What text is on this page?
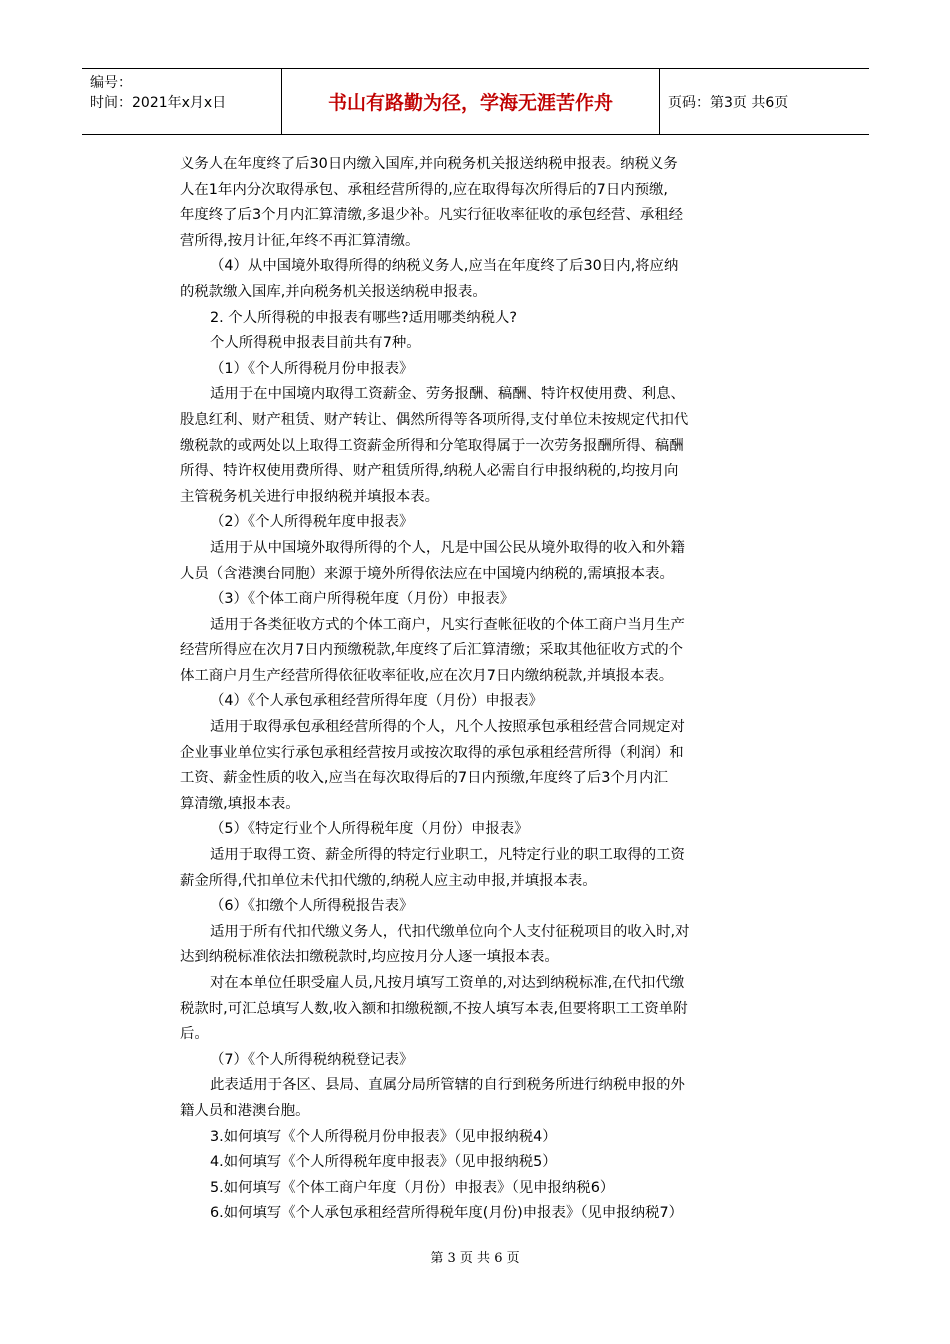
编号：
时间：2021年x月x日	书山有路勤为径，学海无涯苦作舟	页码：第3页 共6页

义务人在年度终了后30日内缴入国库,并向税务机关报送纳税申报表。纳税义务

人在1年内分次取得承包、承租经营所得的,应在取得每次所得后的7日内预缴,

年度终了后3个月内汇算清缴,多退少补。凡实行征收率征收的承包经营、承租经

营所得,按月计征,年终不再汇算清缴。

（4）从中国境外取得所得的纳税义务人,应当在年度终了后30日内,将应纳

的税款缴入国库,并向税务机关报送纳税申报表。

2. 个人所得税的申报表有哪些?适用哪类纳税人?

个人所得税申报表目前共有7种。

（1）《个人所得税月份申报表》

适用于在中国境内取得工资薪金、劳务报酬、稿酬、特许权使用费、利息、

股息红利、财产租赁、财产转让、偶然所得等各项所得,支付单位未按规定代扣代

缴税款的或两处以上取得工资薪金所得和分笔取得属于一次劳务报酬所得、稿酬

所得、特许权使用费所得、财产租赁所得,纳税人必需自行申报纳税的,均按月向

主管税务机关进行申报纳税并填报本表。

（2）《个人所得税年度申报表》

适用于从中国境外取得所得的个人，凡是中国公民从境外取得的收入和外籍

人员（含港澳台同胞）来源于境外所得依法应在中国境内纳税的,需填报本表。

（3）《个体工商户所得税年度（月份）申报表》

适用于各类征收方式的个体工商户，凡实行查帐征收的个体工商户当月生产

经营所得应在次月7日内预缴税款,年度终了后汇算清缴；采取其他征收方式的个

体工商户月生产经营所得依征收率征收,应在次月7日内缴纳税款,并填报本表。

（4）《个人承包承租经营所得年度（月份）申报表》

适用于取得承包承租经营所得的个人，凡个人按照承包承租经营合同规定对

企业事业单位实行承包承租经营按月或按次取得的承包承租经营所得（利润）和

工资、薪金性质的收入,应当在每次取得后的7日内预缴,年度终了后3个月内汇

算清缴,填报本表。

（5）《特定行业个人所得税年度（月份）申报表》

适用于取得工资、薪金所得的特定行业职工，凡特定行业的职工取得的工资

薪金所得,代扣单位未代扣代缴的,纳税人应主动申报,并填报本表。

（6）《扣缴个人所得税报告表》

适用于所有代扣代缴义务人，代扣代缴单位向个人支付征税项目的收入时,对

达到纳税标准依法扣缴税款时,均应按月分人逐一填报本表。

对在本单位任职受雇人员,凡按月填写工资单的,对达到纳税标准,在代扣代缴

税款时,可汇总填写人数,收入额和扣缴税额,不按人填写本表,但要将职工工资单附

后。

（7）《个人所得税纳税登记表》

此表适用于各区、县局、直属分局所管辖的自行到税务所进行纳税申报的外

籍人员和港澳台胞。

3.如何填写《个人所得税月份申报表》（见申报纳税4）

4.如何填写《个人所得税年度申报表》（见申报纳税5）

5.如何填写《个体工商户年度（月份）申报表》（见申报纳税6）

6.如何填写《个人承包承租经营所得税年度(月份)申报表》（见申报纳税7）

第 3 页 共 6 页
